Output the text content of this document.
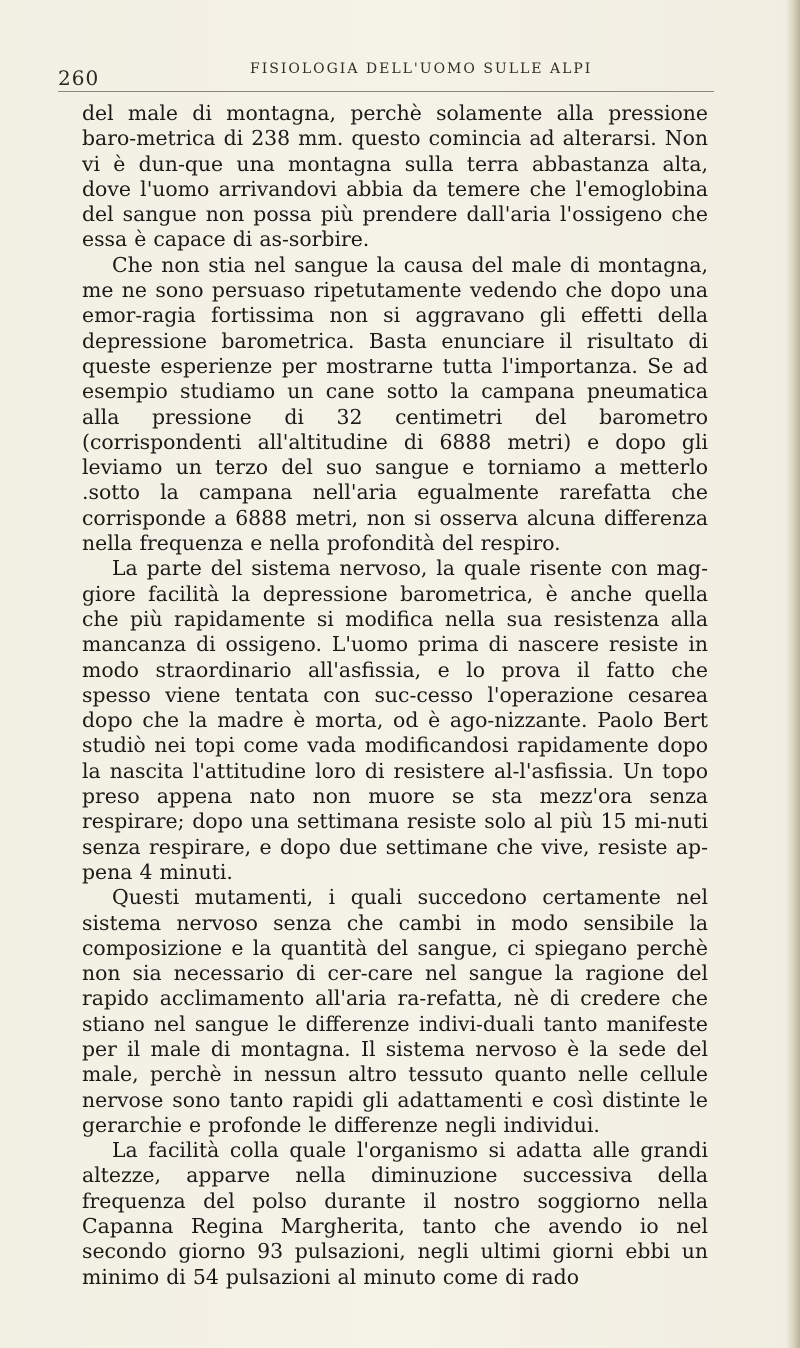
260	FISIOLOGIA DELL'UOMO SULLE ALPI

del male di montagna, perchè solamente alla pressione baro-metrica di 238 mm. questo comincia ad alterarsi. Non vi è dun-que una montagna sulla terra abbastanza alta, dove l'uomo arrivandovi abbia da temere che l'emoglobina del sangue non possa più prendere dall'aria l'ossigeno che essa è capace di as-sorbire.

Che non stia nel sangue la causa del male di montagna, me ne sono persuaso ripetutamente vedendo che dopo una emor-ragia fortissima non si aggravano gli effetti della depressione barometrica. Basta enunciare il risultato di queste esperienze per mostrarne tutta l'importanza. Se ad esempio studiamo un cane sotto la campana pneumatica alla pressione di 32 centimetri del barometro (corrispondenti all'altitudine di 6888 metri) e dopo gli leviamo un terzo del suo sangue e torniamo a metterlo .sotto la campana nell'aria egualmente rarefatta che corrisponde a 6888 metri, non si osserva alcuna differenza nella frequenza e nella profondità del respiro.

La parte del sistema nervoso, la quale risente con mag-giore facilità la depressione barometrica, è anche quella che più rapidamente si modifica nella sua resistenza alla mancanza di ossigeno. L'uomo prima di nascere resiste in modo straordinario all'asfissia, e lo prova il fatto che spesso viene tentata con suc-cesso l'operazione cesarea dopo che la madre è morta, od è ago-nizzante. Paolo Bert studiò nei topi come vada modificandosi rapidamente dopo la nascita l'attitudine loro di resistere al-l'asfissia. Un topo preso appena nato non muore se sta mezz'ora senza respirare; dopo una settimana resiste solo al più 15 mi-nuti senza respirare, e dopo due settimane che vive, resiste ap-pena 4 minuti.

Questi mutamenti, i quali succedono certamente nel sistema nervoso senza che cambi in modo sensibile la composizione e la quantità del sangue, ci spiegano perchè non sia necessario di cer-care nel sangue la ragione del rapido acclimamento all'aria ra-refatta, nè di credere che stiano nel sangue le differenze indivi-duali tanto manifeste per il male di montagna. Il sistema nervoso è la sede del male, perchè in nessun altro tessuto quanto nelle cellule nervose sono tanto rapidi gli adattamenti e così distinte le gerarchie e profonde le differenze negli individui.

La facilità colla quale l'organismo si adatta alle grandi altezze, apparve nella diminuzione successiva della frequenza del polso durante il nostro soggiorno nella Capanna Regina Margherita, tanto che avendo io nel secondo giorno 93 pulsazioni, negli ultimi giorni ebbi un minimo di 54 pulsazioni al minuto come di rado
